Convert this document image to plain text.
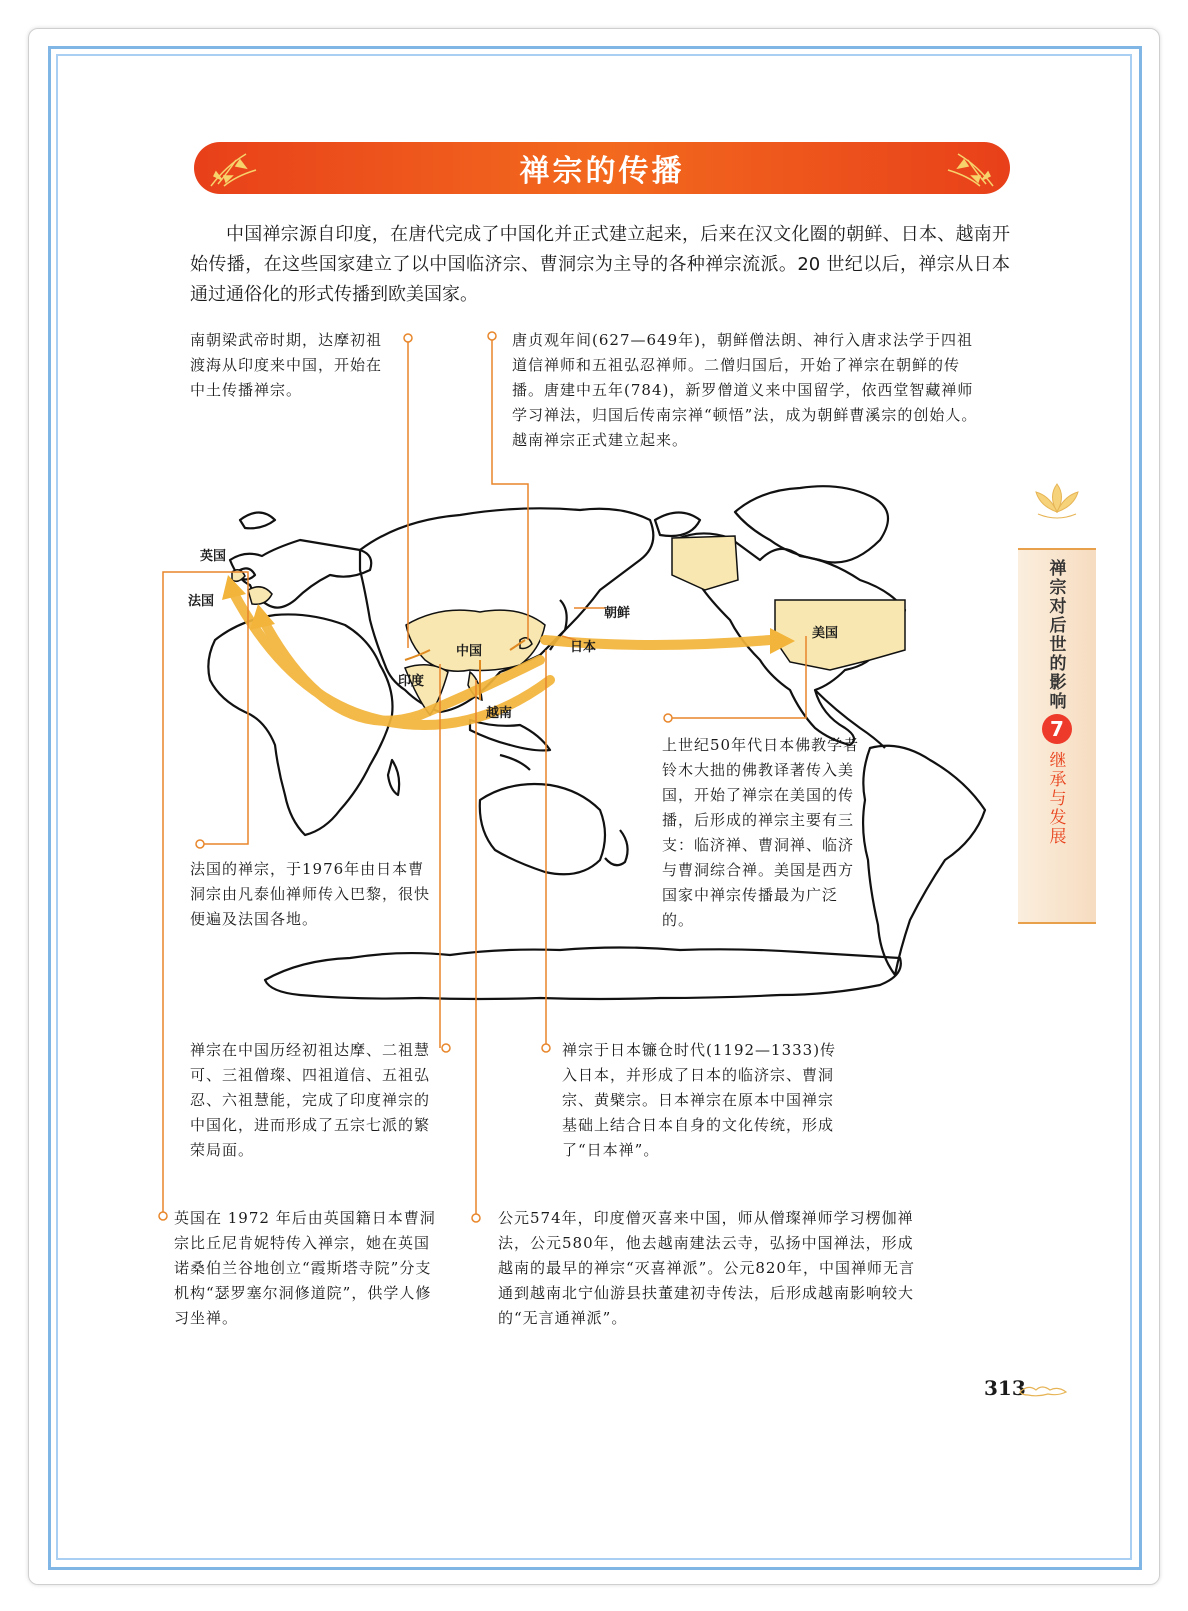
禅宗的传播
中国禅宗源自印度，在唐代完成了中国化并正式建立起来，后来在汉文化圈的朝鲜、日本、越南开始传播，在这些国家建立了以中国临济宗、曹洞宗为主导的各种禅宗流派。20 世纪以后，禅宗从日本通过通俗化的形式传播到欧美国家。
英国
法国
朝鲜
日本
中国
美国
印度
越南
南朝梁武帝时期，达摩初祖渡海从印度来中国，开始在中土传播禅宗。
唐贞观年间(627—649年)，朝鲜僧法朗、神行入唐求法学于四祖道信禅师和五祖弘忍禅师。二僧归国后，开始了禅宗在朝鲜的传播。唐建中五年(784)，新罗僧道义来中国留学，依西堂智藏禅师学习禅法，归国后传南宗禅“顿悟”法，成为朝鲜曹溪宗的创始人。越南禅宗正式建立起来。
上世纪50年代日本佛教学者铃木大拙的佛教译著传入美国，开始了禅宗在美国的传播，后形成的禅宗主要有三支：临济禅、曹洞禅、临济与曹洞综合禅。美国是西方国家中禅宗传播最为广泛的。
法国的禅宗，于1976年由日本曹洞宗由凡泰仙禅师传入巴黎，很快便遍及法国各地。
禅宗在中国历经初祖达摩、二祖慧可、三祖僧璨、四祖道信、五祖弘忍、六祖慧能，完成了印度禅宗的中国化，进而形成了五宗七派的繁荣局面。
禅宗于日本镰仓时代(1192—1333)传入日本，并形成了日本的临济宗、曹洞宗、黄檗宗。日本禅宗在原本中国禅宗基础上结合日本自身的文化传统，形成了“日本禅”。
英国在 1972 年后由英国籍日本曹洞宗比丘尼肯妮特传入禅宗，她在英国诺桑伯兰谷地创立“霞斯塔寺院”分支机构“瑟罗塞尔洞修道院”，供学人修习坐禅。
公元574年，印度僧灭喜来中国，师从僧璨禅师学习楞伽禅法，公元580年，他去越南建法云寺，弘扬中国禅法，形成越南的最早的禅宗“灭喜禅派”。公元820年，中国禅师无言通到越南北宁仙游县扶董建初寺传法，后形成越南影响较大的“无言通禅派”。
禅宗对后世的影响
7
继承与发展
313
